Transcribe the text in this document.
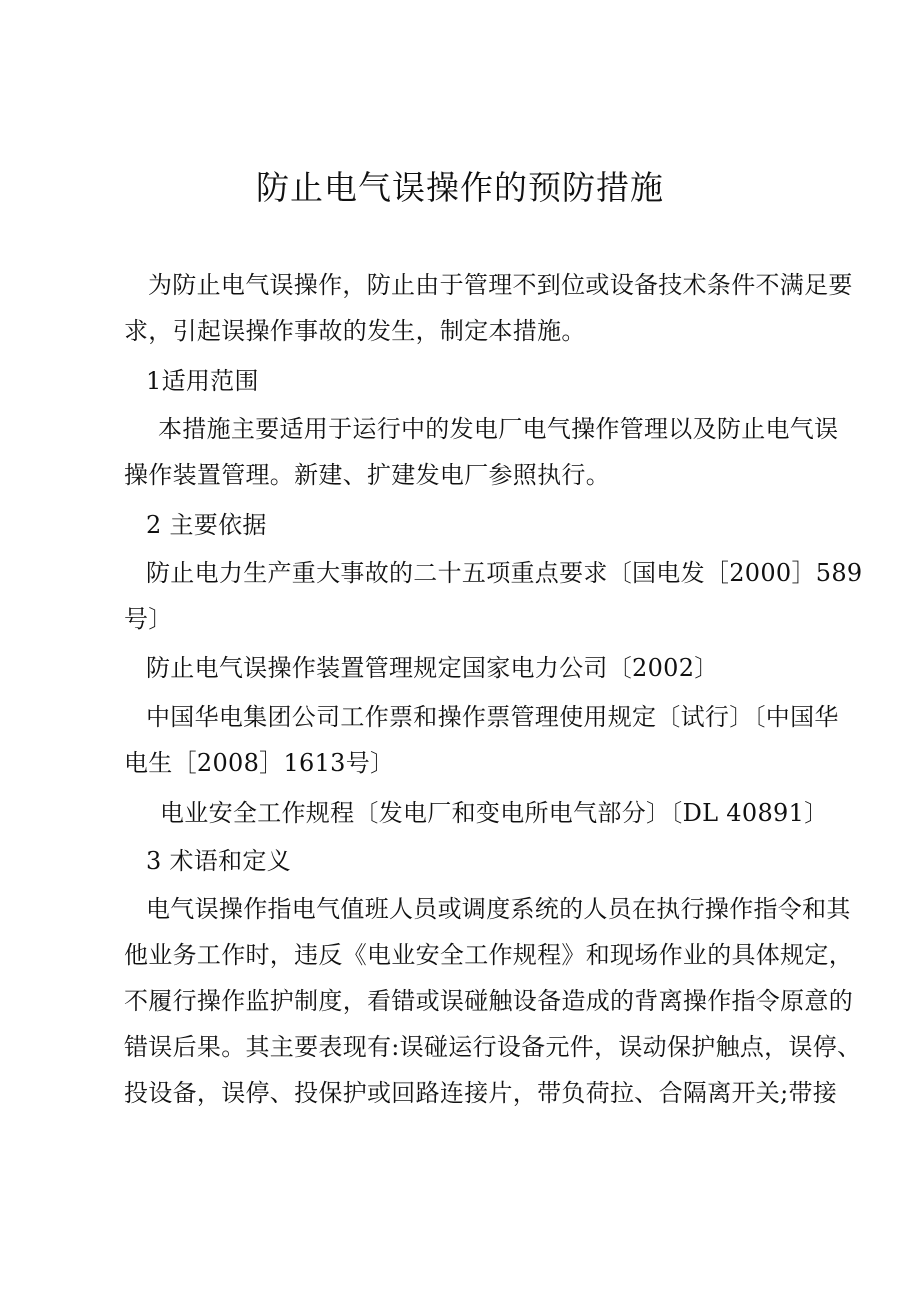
防止电气误操作的预防措施
为防止电气误操作，防止由于管理不到位或设备技术条件不满足要
求，引起误操作事故的发生，制定本措施。
1适用范围
本措施主要适用于运行中的发电厂电气操作管理以及防止电气误
操作装置管理。新建、扩建发电厂参照执行。
2 主要依据
防止电力生产重大事故的二十五项重点要求〔国电发［2000］589
号〕
防止电气误操作装置管理规定国家电力公司〔2002〕
中国华电集团公司工作票和操作票管理使用规定〔试行〕〔中国华
电生［2008］1613号〕
电业安全工作规程〔发电厂和变电所电气部分〕〔DL 40891〕
3 术语和定义
电气误操作指电气值班人员或调度系统的人员在执行操作指令和其
他业务工作时，违反《电业安全工作规程》和现场作业的具体规定，
不履行操作监护制度，看错或误碰触设备造成的背离操作指令原意的
错误后果。其主要表现有:误碰运行设备元件，误动保护触点，误停、
投设备，误停、投保护或回路连接片，带负荷拉、合隔离开关;带接
